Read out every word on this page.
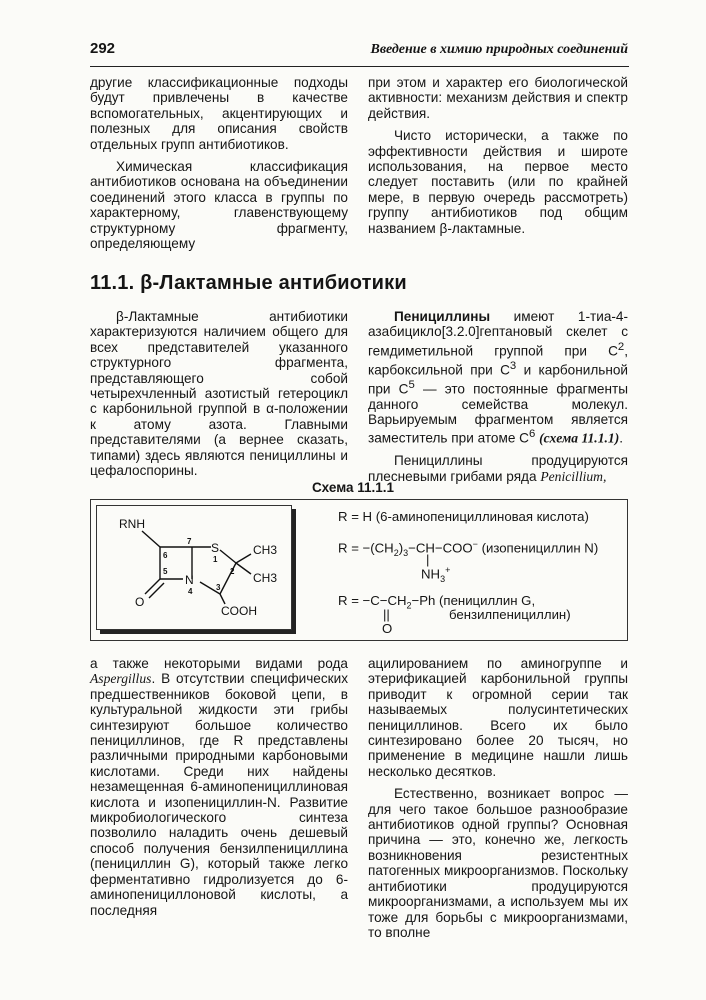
292	Введение в химию природных соединений

другие классификационные подходы будут привлечены в качестве вспомогательных, акцентирующих и полезных для описания свойств отдельных групп антибиотиков.

Химическая классификация антибиотиков основана на объединении соединений этого класса в группы по характерному, главенствующему структурному фрагменту, определяющему

при этом и характер его биологической активности: механизм действия и спектр действия.

Чисто исторически, а также по эффективности действия и широте использования, на первое место следует поставить (или по крайней мере, в первую очередь рассмотреть) группу антибиотиков под общим названием β-лактамные.

11.1. β-Лактамные антибиотики

β-Лактамные антибиотики характеризуются наличием общего для всех представителей указанного структурного фрагмента, представляющего собой четырехчленный азотистый гетероцикл с карбонильной группой в α-положении к атому азота. Главными представителями (а вернее сказать, типами) здесь являются пенициллины и цефалоспорины.

Пенициллины имеют 1-тиа-4-азабицикло[3.2.0]гептановый скелет с гемдиметильной группой при $C^2$, карбоксильной при $C^3$ и карбонильной при $C^5$ — это постоянные фрагменты данного семейства молекул. Варьируемым фрагментом является заместитель при атоме $C^6$ (схема 11.1.1).

Пенициллины продуцируются плесневыми грибами ряда Penicillium,

Схема 11.1.1
RNH
S
N
O
CH3
CH3
COOH
1
2
3
4
5
6
7
R = H (6-аминопенициллиновая кислота)
$R = -(CH_2)_3-CH-COO^-$ (изопенициллин N)
|
$NH_3^+$
$R = -C-CH_2-Ph$ (пенициллин G,
бензилпенициллин)
||
O

а также некоторыми видами рода Aspergillus. В отсутствии специфических предшественников боковой цепи, в культуральной жидкости эти грибы синтезируют большое количество пенициллинов, где R представлены различными природными карбоновыми кислотами. Среди них найдены незамещенная 6-аминопенициллиновая кислота и изопенициллин-N. Развитие микробиологического синтеза позволило наладить очень дешевый способ получения бензилпенициллина (пенициллин G), который также легко ферментативно гидролизуется до 6-аминопенициллоновой кислоты, а последняя

ацилированием по аминогруппе и этерификацией карбонильной группы приводит к огромной серии так называемых полусинтетических пенициллинов. Всего их было синтезировано более 20 тысяч, но применение в медицине нашли лишь несколько десятков.

Естественно, возникает вопрос — для чего такое большое разнообразие антибиотиков одной группы? Основная причина — это, конечно же, легкость возникновения резистентных патогенных микроорганизмов. Поскольку антибиотики продуцируются микроорганизмами, а используем мы их тоже для борьбы с микроорганизмами, то вполне
